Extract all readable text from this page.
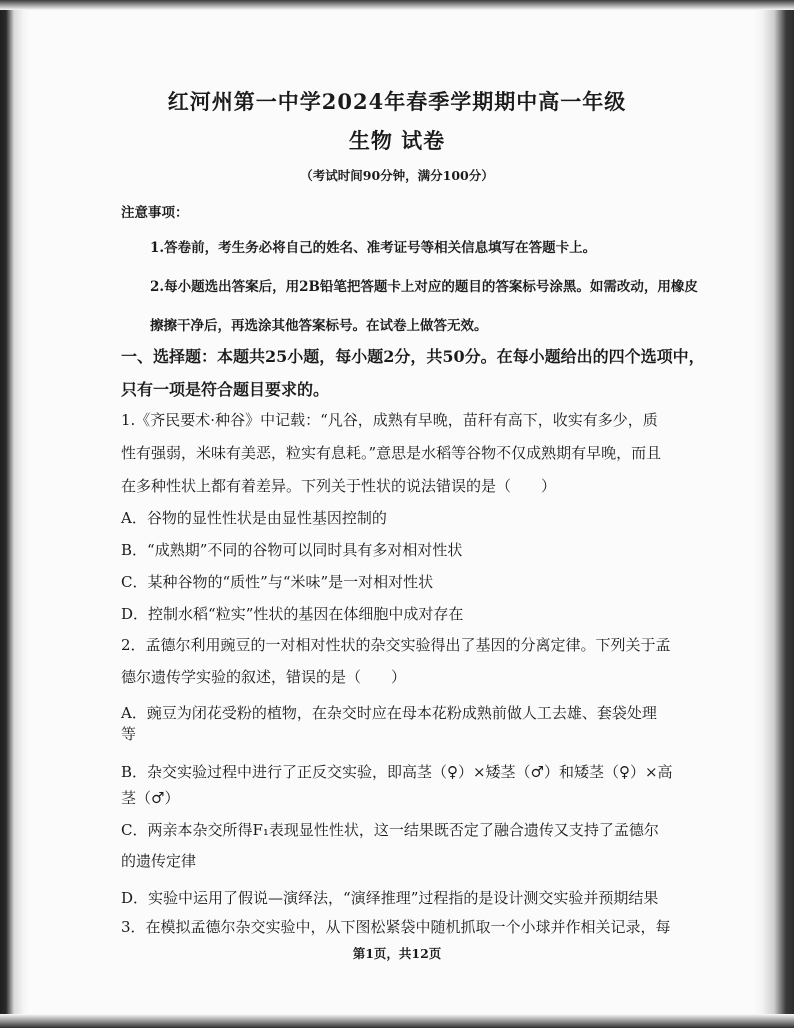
红河州第一中学2024年春季学期期中高一年级
生物 试卷
（考试时间90分钟，满分100分）
注意事项：
1.答卷前，考生务必将自己的姓名、准考证号等相关信息填写在答题卡上。
2.每小题选出答案后，用2B铅笔把答题卡上对应的题目的答案标号涂黑。如需改动，用橡皮
擦擦干净后，再选涂其他答案标号。在试卷上做答无效。
一、选择题：本题共25小题，每小题2分，共50分。在每小题给出的四个选项中，
只有一项是符合题目要求的。
1.《齐民要术·种谷》中记载：“凡谷，成熟有早晚，苗秆有高下，收实有多少，质
性有强弱，米味有美恶，粒实有息耗。”意思是水稻等谷物不仅成熟期有早晚，而且
在多种性状上都有着差异。下列关于性状的说法错误的是（　　）
A．谷物的显性性状是由显性基因控制的
B．“成熟期”不同的谷物可以同时具有多对相对性状
C．某种谷物的“质性”与“米味”是一对相对性状
D．控制水稻“粒实”性状的基因在体细胞中成对存在
2．孟德尔利用豌豆的一对相对性状的杂交实验得出了基因的分离定律。下列关于孟
德尔遗传学实验的叙述，错误的是（　　）
A．豌豆为闭花受粉的植物，在杂交时应在母本花粉成熟前做人工去雄、套袋处理
等
B．杂交实验过程中进行了正反交实验，即高茎（♀）×矮茎（♂）和矮茎（♀）×高
茎（♂）
C．两亲本杂交所得F₁表现显性性状，这一结果既否定了融合遗传又支持了孟德尔
的遗传定律
D．实验中运用了假说—演绎法，“演绎推理”过程指的是设计测交实验并预期结果
3．在模拟孟德尔杂交实验中，从下图松紧袋中随机抓取一个小球并作相关记录，每
第1页，共12页
